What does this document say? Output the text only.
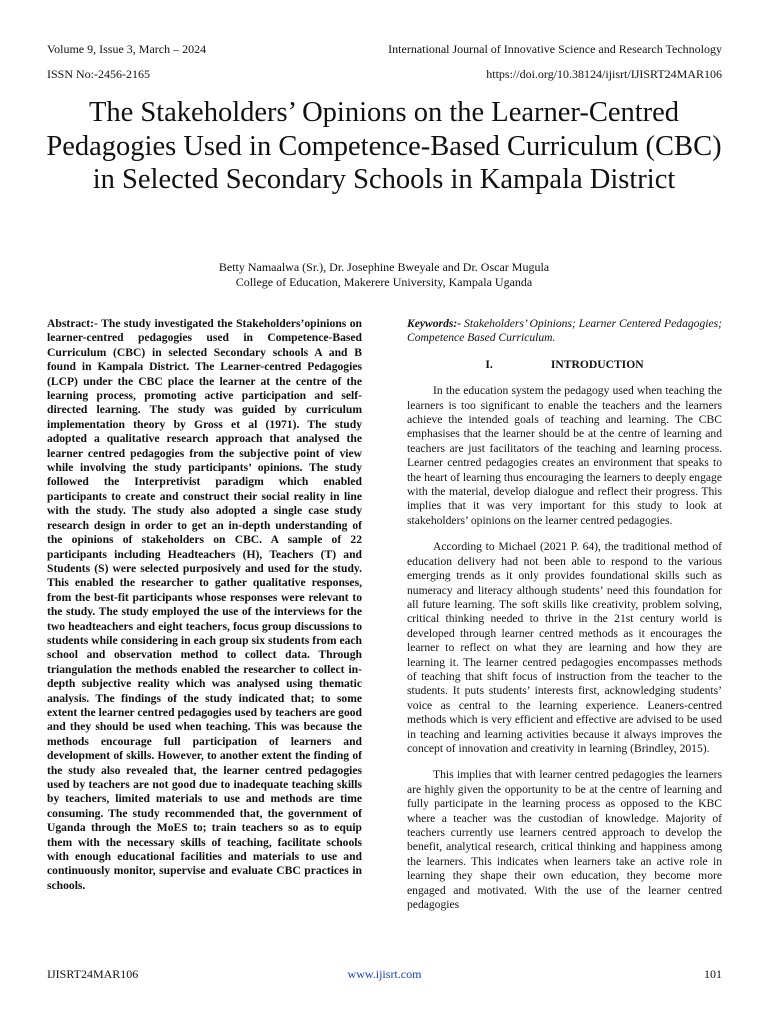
Volume 9, Issue 3, March – 2024	International Journal of Innovative Science and Research Technology
ISSN No:-2456-2165	https://doi.org/10.38124/ijisrt/IJISRT24MAR106
The Stakeholders’ Opinions on the Learner-Centred Pedagogies Used in Competence-Based Curriculum (CBC) in Selected Secondary Schools in Kampala District
Betty Namaalwa (Sr.), Dr. Josephine Bweyale and Dr. Oscar Mugula
College of Education, Makerere University, Kampala Uganda

Abstract:- The study investigated the Stakeholders’opinions on learner-centred pedagogies used in Competence-Based Curriculum (CBC) in selected Secondary schools A and B found in Kampala District. The Learner-centred Pedagogies (LCP) under the CBC place the learner at the centre of the learning process, promoting active participation and self-directed learning. The study was guided by curriculum implementation theory by Gross et al (1971). The study adopted a qualitative research approach that analysed the learner centred pedagogies from the subjective point of view while involving the study participants’ opinions. The study followed the Interpretivist paradigm which enabled participants to create and construct their social reality in line with the study. The study also adopted a single case study research design in order to get an in-depth understanding of the opinions of stakeholders on CBC. A sample of 22 participants including Headteachers (H), Teachers (T) and Students (S) were selected purposively and used for the study. This enabled the researcher to gather qualitative responses, from the best-fit participants whose responses were relevant to the study. The study employed the use of the interviews for the two headteachers and eight teachers, focus group discussions to students while considering in each group six students from each school and observation method to collect data. Through triangulation the methods enabled the researcher to collect in-depth subjective reality which was analysed using thematic analysis. The findings of the study indicated that; to some extent the learner centred pedagogies used by teachers are good and they should be used when teaching. This was because the methods encourage full participation of learners and development of skills. However, to another extent the finding of the study also revealed that, the learner centred pedagogies used by teachers are not good due to inadequate teaching skills by teachers, limited materials to use and methods are time consuming. The study recommended that, the government of Uganda through the MoES to; train teachers so as to equip them with the necessary skills of teaching, facilitate schools with enough educational facilities and materials to use and continuously monitor, supervise and evaluate CBC practices in schools.

Keywords:- Stakeholders’ Opinions; Learner Centered Pedagogies; Competence Based Curriculum.

I.	INTRODUCTION

In the education system the pedagogy used when teaching the learners is too significant to enable the teachers and the learners achieve the intended goals of teaching and learning. The CBC emphasises that the learner should be at the centre of learning and teachers are just facilitators of the teaching and learning process. Learner centred pedagogies creates an environment that speaks to the heart of learning thus encouraging the learners to deeply engage with the material, develop dialogue and reflect their progress. This implies that it was very important for this study to look at stakeholders’ opinions on the learner centred pedagogies.

According to Michael (2021 P. 64), the traditional method of education delivery had not been able to respond to the various emerging trends as it only provides foundational skills such as numeracy and literacy although students’ need this foundation for all future learning. The soft skills like creativity, problem solving, critical thinking needed to thrive in the 21st century world is developed through learner centred methods as it encourages the learner to reflect on what they are learning and how they are learning it. The learner centred pedagogies encompasses methods of teaching that shift focus of instruction from the teacher to the students. It puts students’ interests first, acknowledging students’ voice as central to the learning experience. Leaners-centred methods which is very efficient and effective are advised to be used in teaching and learning activities because it always improves the concept of innovation and creativity in learning (Brindley, 2015).

This implies that with learner centred pedagogies the learners are highly given the opportunity to be at the centre of learning and fully participate in the learning process as opposed to the KBC where a teacher was the custodian of knowledge. Majority of teachers currently use learners centred approach to develop the benefit, analytical research, critical thinking and happiness among the learners. This indicates when learners take an active role in learning they shape their own education, they become more engaged and motivated. With the use of the learner centred pedagogies

IJISRT24MAR106	www.ijisrt.com	101
